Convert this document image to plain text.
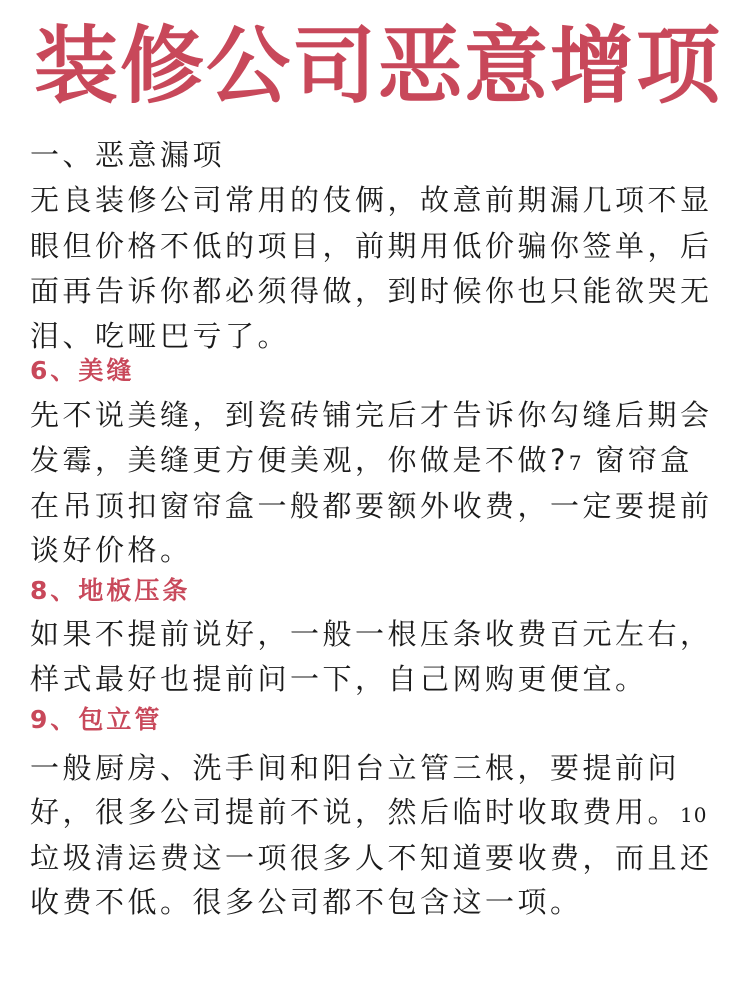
装修公司恶意增项
一、恶意漏项
无良装修公司常用的伎俩，故意前期漏几项不显
眼但价格不低的项目，前期用低价骗你签单，后
面再告诉你都必须得做，到时候你也只能欲哭无
泪、吃哑巴亏了。
6、美缝
先不说美缝，到瓷砖铺完后才告诉你勾缝后期会
发霉，美缝更方便美观，你做是不做?7 窗帘盒
在吊顶扣窗帘盒一般都要额外收费，一定要提前
谈好价格。
8、地板压条
如果不提前说好，一般一根压条收费百元左右，
样式最好也提前问一下，自己网购更便宜。
9、包立管
一般厨房、洗手间和阳台立管三根，要提前问
好，很多公司提前不说，然后临时收取费用。10
垃圾清运费这一项很多人不知道要收费，而且还
收费不低。很多公司都不包含这一项。
